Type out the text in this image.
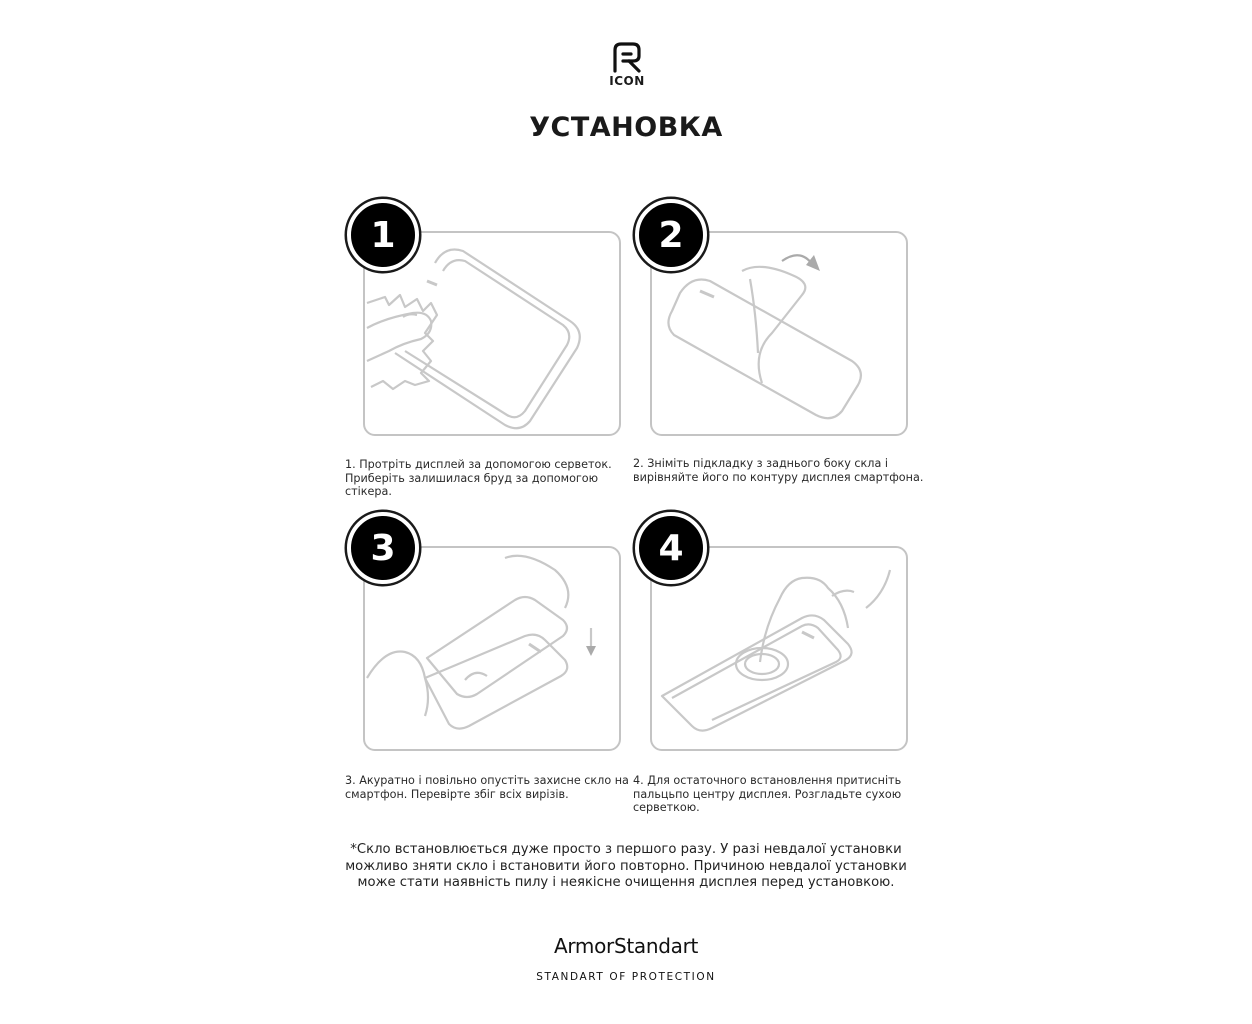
ICON
УСТАНОВКА
1
1. Протріть дисплей за допомогою серветок.
Приберіть залишилася бруд за допомогою
стікера.
2
2. Зніміть підкладку з заднього боку скла і
вирівняйте його по контуру дисплея смартфона.
3
3. Акуратно і повільно опустіть захисне скло на
смартфон. Перевірте збіг всіх вирізів.
4
4. Для остаточного встановлення притисніть
пальцьпо центру дисплея. Розгладьте сухою
серветкою.
*Скло встановлюється дуже просто з першого разу. У разі невдалої установки
можливо зняти скло і встановити його повторно. Причиною невдалої установки
може стати наявність пилу і неякісне очищення дисплея перед установкою.
ArmorStandart
STANDART OF PROTECTION
